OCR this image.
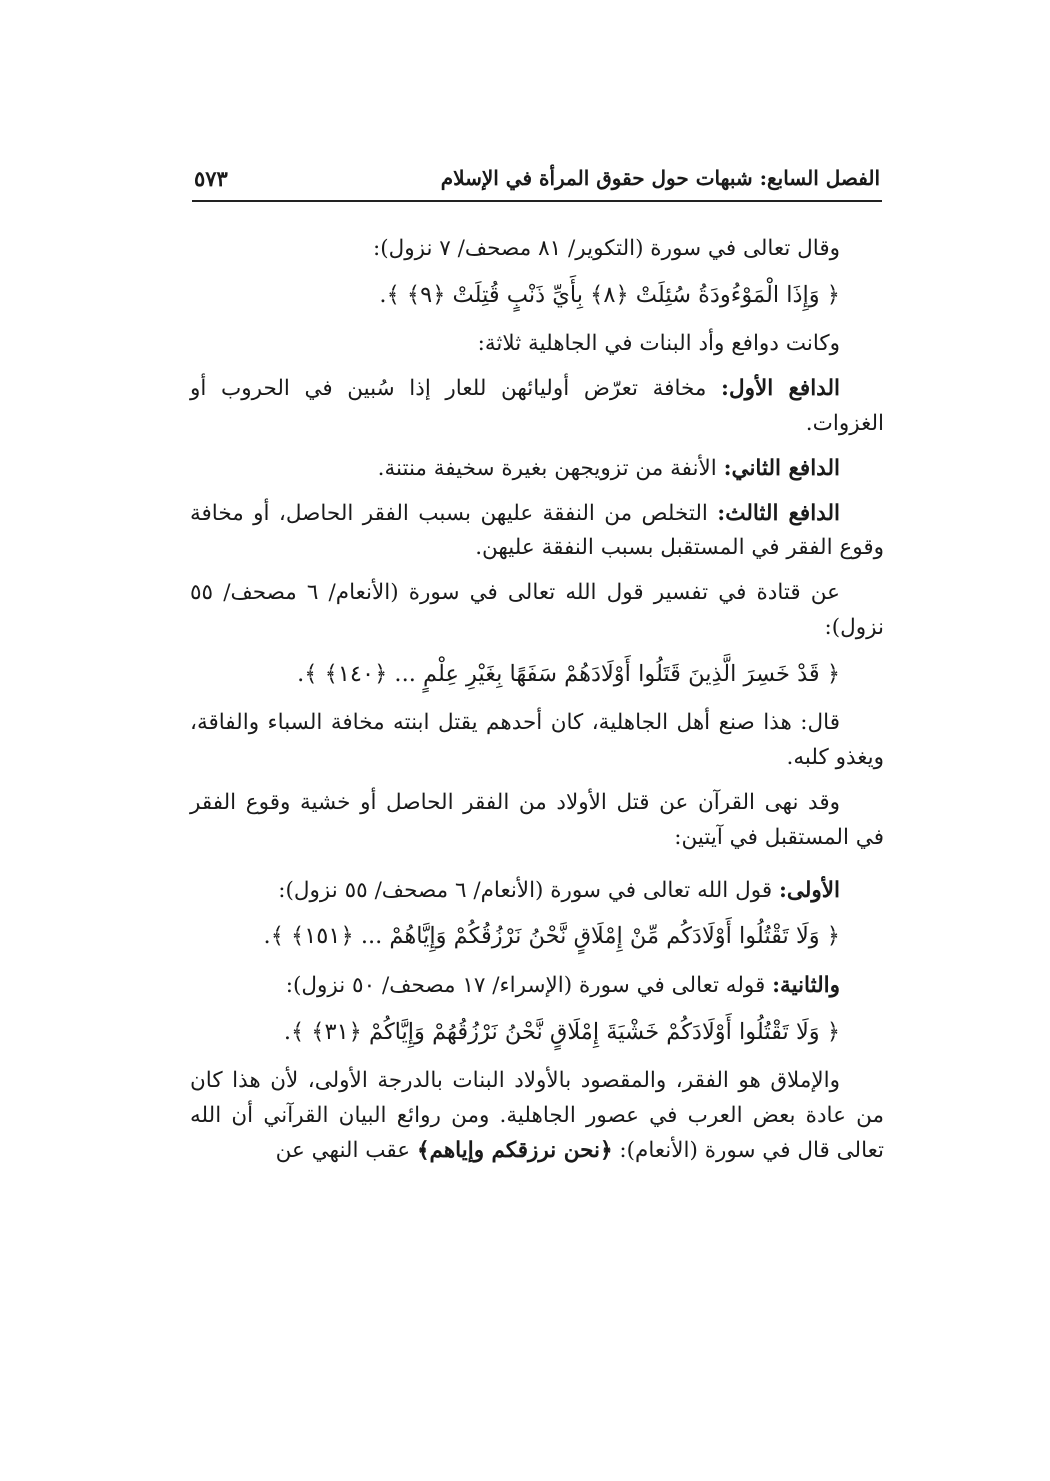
الفصل السابع: شبهات حول حقوق المرأة في الإسلام
٥٧٣

وقال تعالى في سورة (التكوير/ ٨١ مصحف/ ٧ نزول):

﴿ وَإِذَا الْمَوْءُودَةُ سُئِلَتْ ﴿٨﴾ بِأَيِّ ذَنْبٍ قُتِلَتْ ﴿٩﴾ ﴾.

وكانت دوافع وأد البنات في الجاهلية ثلاثة:

الدافع الأول: مخافة تعرّض أوليائهن للعار إذا سُبين في الحروب أو الغزوات.

الدافع الثاني: الأنفة من تزويجهن بغيرة سخيفة منتنة.

الدافع الثالث: التخلص من النفقة عليهن بسبب الفقر الحاصل، أو مخافة وقوع الفقر في المستقبل بسبب النفقة عليهن.

عن قتادة في تفسير قول الله تعالى في سورة (الأنعام/ ٦ مصحف/ ٥٥ نزول):

﴿ قَدْ خَسِرَ الَّذِينَ قَتَلُوا أَوْلَادَهُمْ سَفَهًا بِغَيْرِ عِلْمٍ ... ﴿١٤٠﴾ ﴾.

قال: هذا صنع أهل الجاهلية، كان أحدهم يقتل ابنته مخافة السباء والفاقة، ويغذو كلبه.

وقد نهى القرآن عن قتل الأولاد من الفقر الحاصل أو خشية وقوع الفقر في المستقبل في آيتين:

الأولى: قول الله تعالى في سورة (الأنعام/ ٦ مصحف/ ٥٥ نزول):

﴿ وَلَا تَقْتُلُوا أَوْلَادَكُم مِّنْ إِمْلَاقٍ نَّحْنُ نَرْزُقُكُمْ وَإِيَّاهُمْ ... ﴿١٥١﴾ ﴾.

والثانية: قوله تعالى في سورة (الإسراء/ ١٧ مصحف/ ٥٠ نزول):

﴿ وَلَا تَقْتُلُوا أَوْلَادَكُمْ خَشْيَةَ إِمْلَاقٍ نَّحْنُ نَرْزُقُهُمْ وَإِيَّاكُمْ ﴿٣١﴾ ﴾.

والإملاق هو الفقر، والمقصود بالأولاد البنات بالدرجة الأولى، لأن هذا كان من عادة بعض العرب في عصور الجاهلية. ومن روائع البيان القرآني أن الله تعالى قال في سورة (الأنعام): ﴿نحن نرزقكم وإياهم﴾ عقب النهي عن
